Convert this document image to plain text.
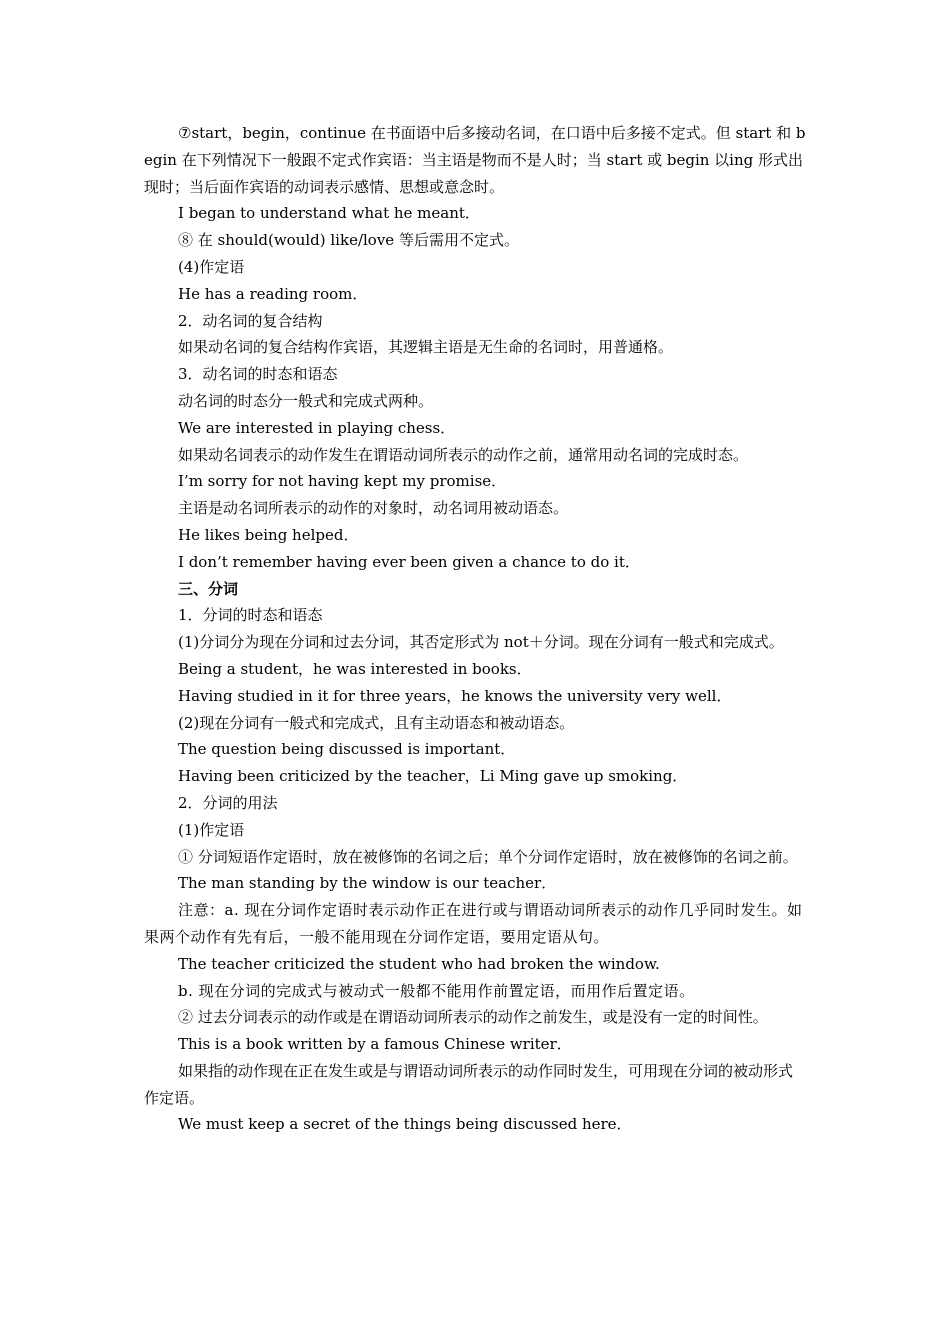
⑦start，begin，continue 在书面语中后多接动名词，在口语中后多接不定式。但 start 和 begin 在下列情况下一般跟不定式作宾语：当主语是物而不是人时；当 start 或 begin 以ing 形式出现时；当后面作宾语的动词表示感情、思想或意念时。

I began to understand what he meant．

⑧ 在 should(would) like/love 等后需用不定式。

(4)作定语

He has a reading room．

2．动名词的复合结构

如果动名词的复合结构作宾语，其逻辑主语是无生命的名词时，用普通格。

3．动名词的时态和语态

动名词的时态分一般式和完成式两种。

We are interested in playing chess．

如果动名词表示的动作发生在谓语动词所表示的动作之前，通常用动名词的完成时态。

I’m sorry for not having kept my promise．

主语是动名词所表示的动作的对象时，动名词用被动语态。

He likes being helped．

I don’t remember having ever been given a chance to do it．

三、分词

1．分词的时态和语态

(1)分词分为现在分词和过去分词，其否定形式为 not＋分词。现在分词有一般式和完成式。

Being a student，he was interested in books．

Having studied in it for three years，he knows the university very well．

(2)现在分词有一般式和完成式，且有主动语态和被动语态。

The question being discussed is important．

Having been criticized by the teacher，Li Ming gave up smoking．

2．分词的用法

(1)作定语

① 分词短语作定语时，放在被修饰的名词之后；单个分词作定语时，放在被修饰的名词之前。

The man standing by the window is our teacher．

注意：a. 现在分词作定语时表示动作正在进行或与谓语动词所表示的动作几乎同时发生。如果两个动作有先有后，一般不能用现在分词作定语，要用定语从句。

The teacher criticized the student who had broken the window.

b. 现在分词的完成式与被动式一般都不能用作前置定语，而用作后置定语。

② 过去分词表示的动作或是在谓语动词所表示的动作之前发生，或是没有一定的时间性。

This is a book written by a famous Chinese writer．

如果指的动作现在正在发生或是与谓语动词所表示的动作同时发生，可用现在分词的被动形式作定语。

We must keep a secret of the things being discussed here．
